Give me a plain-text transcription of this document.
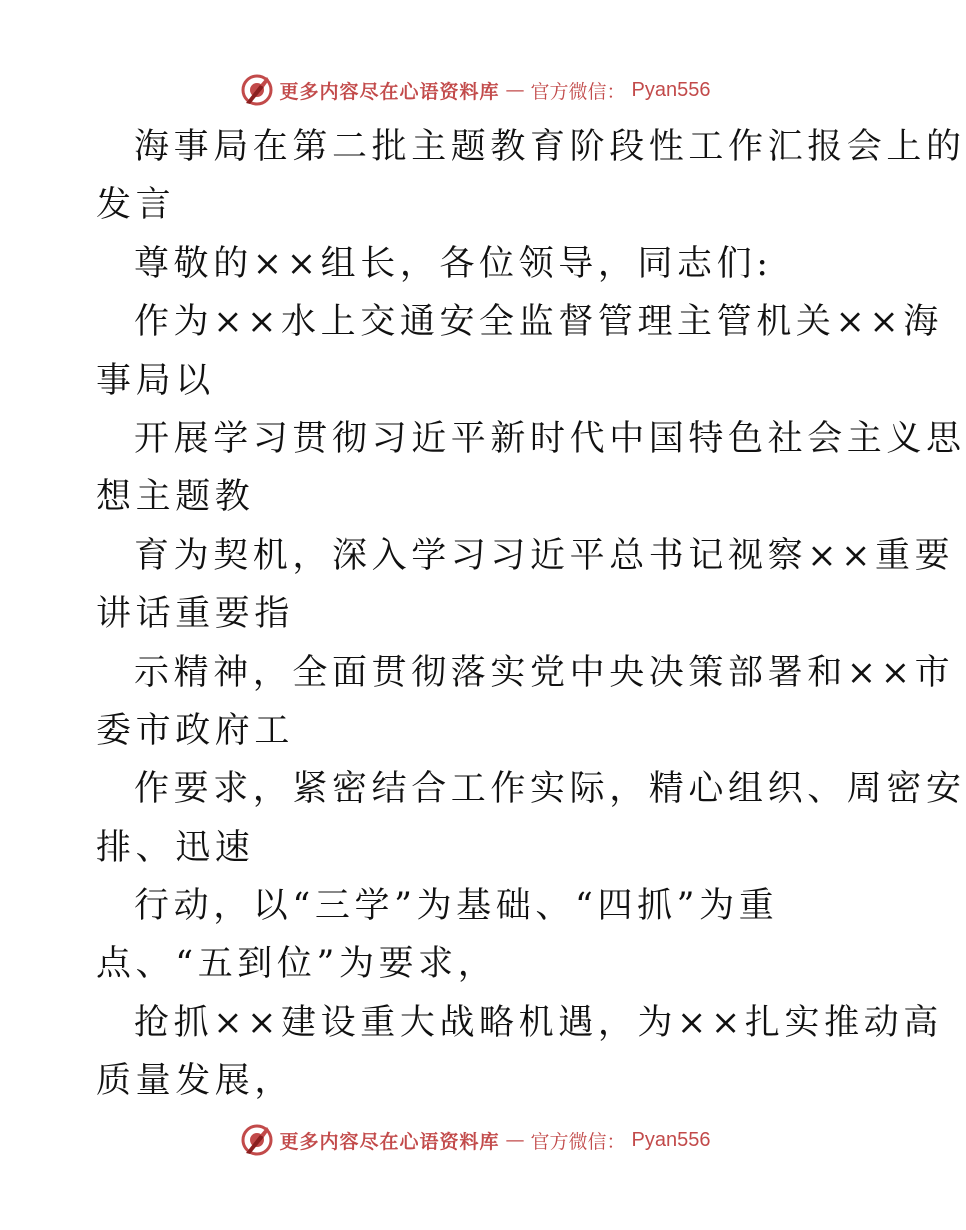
更多内容尽在心语资料库 — 官方微信： Pyan556
海事局在第二批主题教育阶段性工作汇报会上的
发言
尊敬的××组长，各位领导，同志们:
作为××水上交通安全监督管理主管机关××海
事局以
开展学习贯彻习近平新时代中国特色社会主义思
想主题教
育为契机，深入学习习近平总书记视察××重要
讲话重要指
示精神，全面贯彻落实党中央决策部署和××市
委市政府工
作要求，紧密结合工作实际，精心组织、周密安
排、迅速
行动，以“三学”为基础、“四抓”为重
点、“五到位”为要求，
抢抓××建设重大战略机遇，为××扎实推动高
质量发展，
更多内容尽在心语资料库 — 官方微信： Pyan556
